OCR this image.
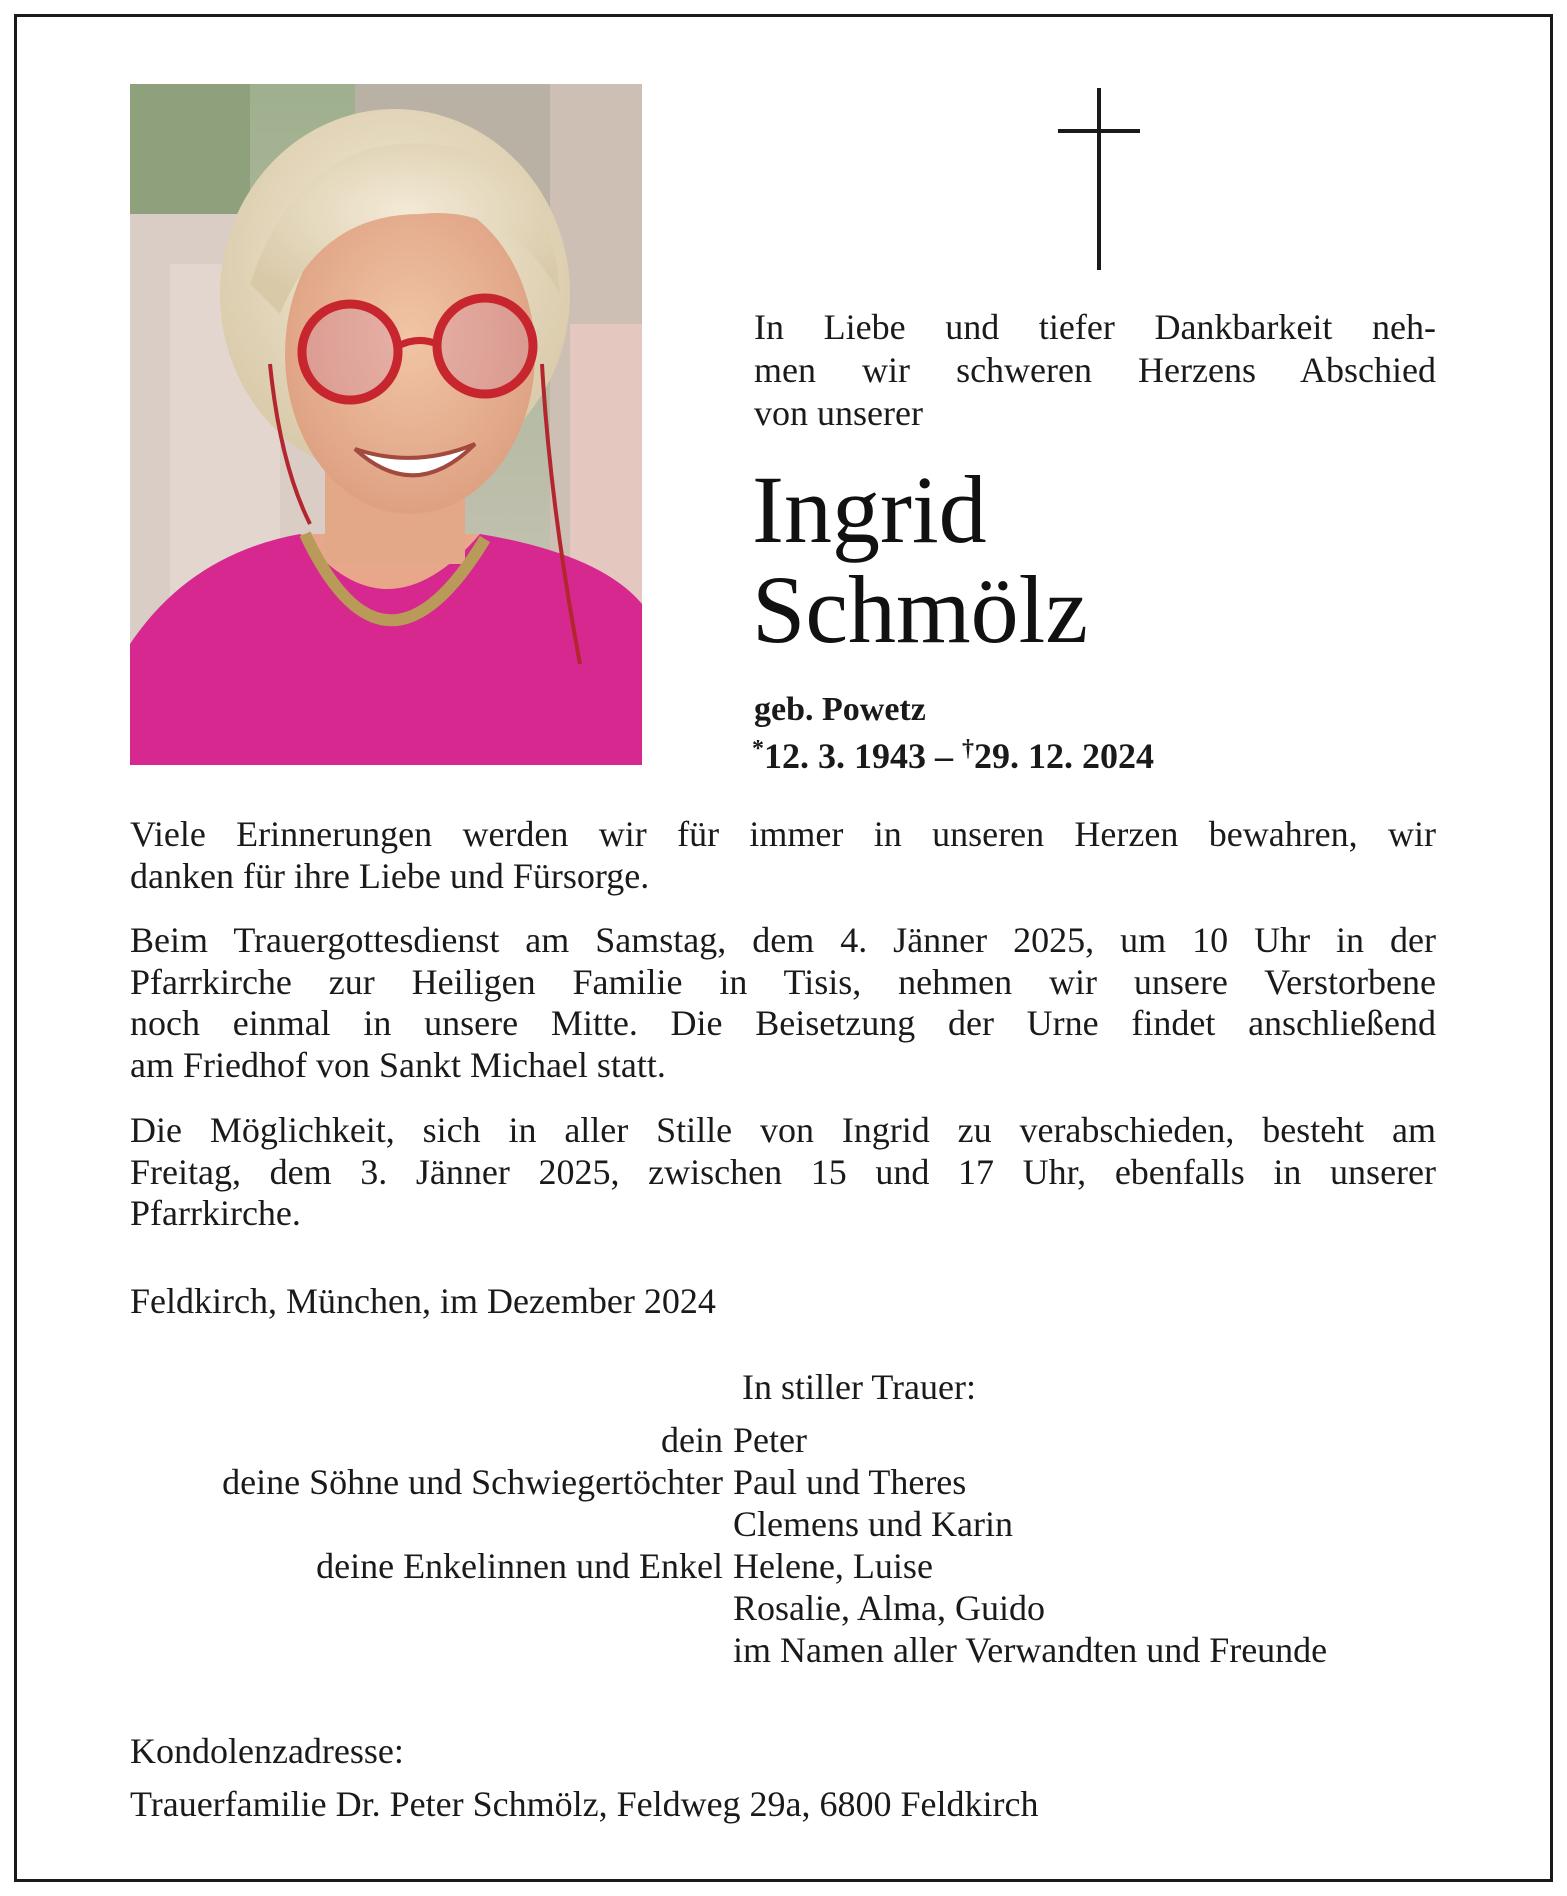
In Liebe und tiefer Dankbarkeit neh-
men wir schweren Herzens Abschied
von unserer
Ingrid
Schmölz
geb. Powetz
*12. 3. 1943 – †29. 12. 2024
Viele Erinnerungen werden wir für immer in unseren Herzen bewahren, wir
danken für ihre Liebe und Fürsorge.
Beim Trauergottesdienst am Samstag, dem 4. Jänner 2025, um 10 Uhr in der
Pfarrkirche zur Heiligen Familie in Tisis, nehmen wir unsere Verstorbene
noch einmal in unsere Mitte. Die Beisetzung der Urne findet anschließend
am Friedhof von Sankt Michael statt.
Die Möglichkeit, sich in aller Stille von Ingrid zu verabschieden, besteht am
Freitag, dem 3. Jänner 2025, zwischen 15 und 17 Uhr, ebenfalls in unserer
Pfarrkirche.
Feldkirch, München, im Dezember 2024
In stiller Trauer:
dein Peter
deine Söhne und Schwiegertöchter Paul und Theres
Clemens und Karin
deine Enkelinnen und Enkel Helene, Luise
Rosalie, Alma, Guido
im Namen aller Verwandten und Freunde
Kondolenzadresse:
Trauerfamilie Dr. Peter Schmölz, Feldweg 29a, 6800 Feldkirch
